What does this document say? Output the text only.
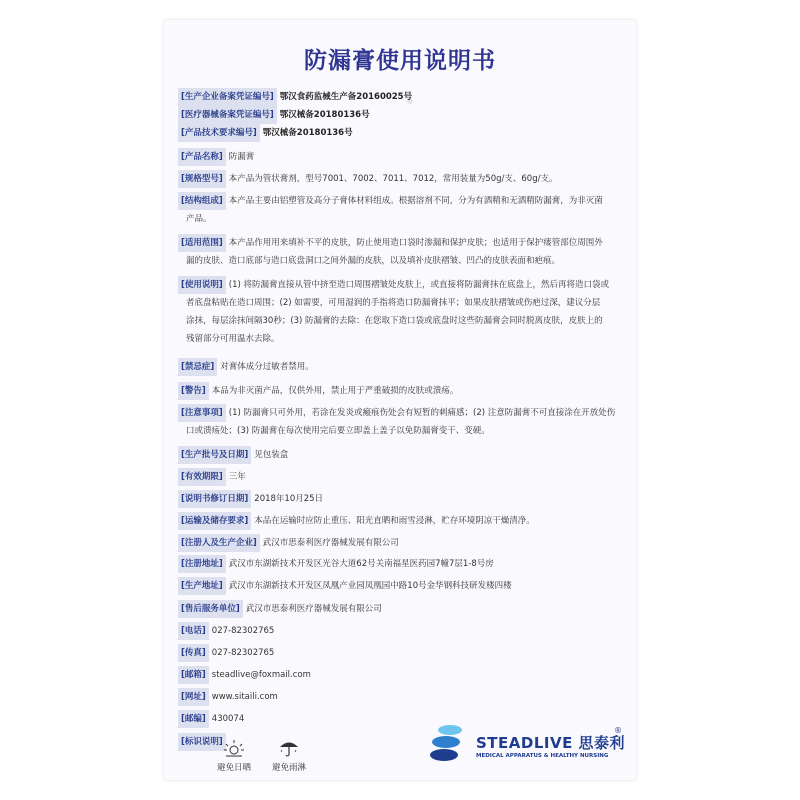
防漏膏使用说明书
[生产企业备案凭证编号] 鄂汉食药监械生产备20160025号
[医疗器械备案凭证编号] 鄂汉械备20180136号
[产品技术要求编号] 鄂汉械备20180136号
[产品名称] 防漏膏
[规格型号] 本产品为管状膏剂，型号7001、7002、7011、7012，常用装量为50g/支、60g/支。
[结构组成] 本产品主要由铝塑管及高分子膏体材料组成。根据溶剂不同，分为有酒精和无酒精防漏膏，为非灭菌
产品。
[适用范围] 本产品作用用来填补不平的皮肤，防止使用造口袋时渗漏和保护皮肤；也适用于保护瘘管部位周围外
漏的皮肤、造口底部与造口底盘洞口之间外漏的皮肤，以及填补皮肤褶皱、凹凸的皮肤表面和疤痕。
[使用说明] (1) 将防漏膏直接从管中挤至造口周围褶皱处皮肤上，或直接将防漏膏抹在底盘上，然后再将造口袋或
者底盘粘贴在造口周围；(2) 如需要，可用湿润的手指将造口防漏膏抹平；如果皮肤褶皱或伤疤过深，建议分层
涂抹，每层涂抹间隔30秒；(3) 防漏膏的去除：在您取下造口袋或底盘时这些防漏膏会同时脱离皮肤，皮肤上的
残留部分可用温水去除。
[禁忌症] 对膏体成分过敏者禁用。
[警告] 本品为非灭菌产品，仅供外用，禁止用于严重破损的皮肤或溃疡。
[注意事项] (1) 防漏膏只可外用，若涂在发炎或瘢痕伤处会有短暂的刺痛感；(2) 注意防漏膏不可直接涂在开放处伤
口或溃疡处；(3) 防漏膏在每次使用完后要立即盖上盖子以免防漏膏变干、变硬。
[生产批号及日期] 见包装盒
[有效期限] 三年
[说明书修订日期] 2018年10月25日
[运输及储存要求] 本品在运输时应防止重压、阳光直晒和雨雪浸淋，贮存环境阴凉干燥清净。
[注册人及生产企业] 武汉市思泰利医疗器械发展有限公司
[注册地址] 武汉市东湖新技术开发区光谷大道62号关南福星医药园7幢7层1-8号房
[生产地址] 武汉市东湖新技术开发区凤凰产业园凤凰园中路10号金华钢科技研发楼四楼
[售后服务单位] 武汉市思泰利医疗器械发展有限公司
[电话] 027-82302765
[传真] 027-82302765
[邮箱] steadlive@foxmail.com
[网址] www.sitaili.com
[邮编] 430074
[标识说明]
避免日晒	避免雨淋
STEADLIVE 思泰利
®
MEDICAL APPARATUS & HEALTHY NURSING
